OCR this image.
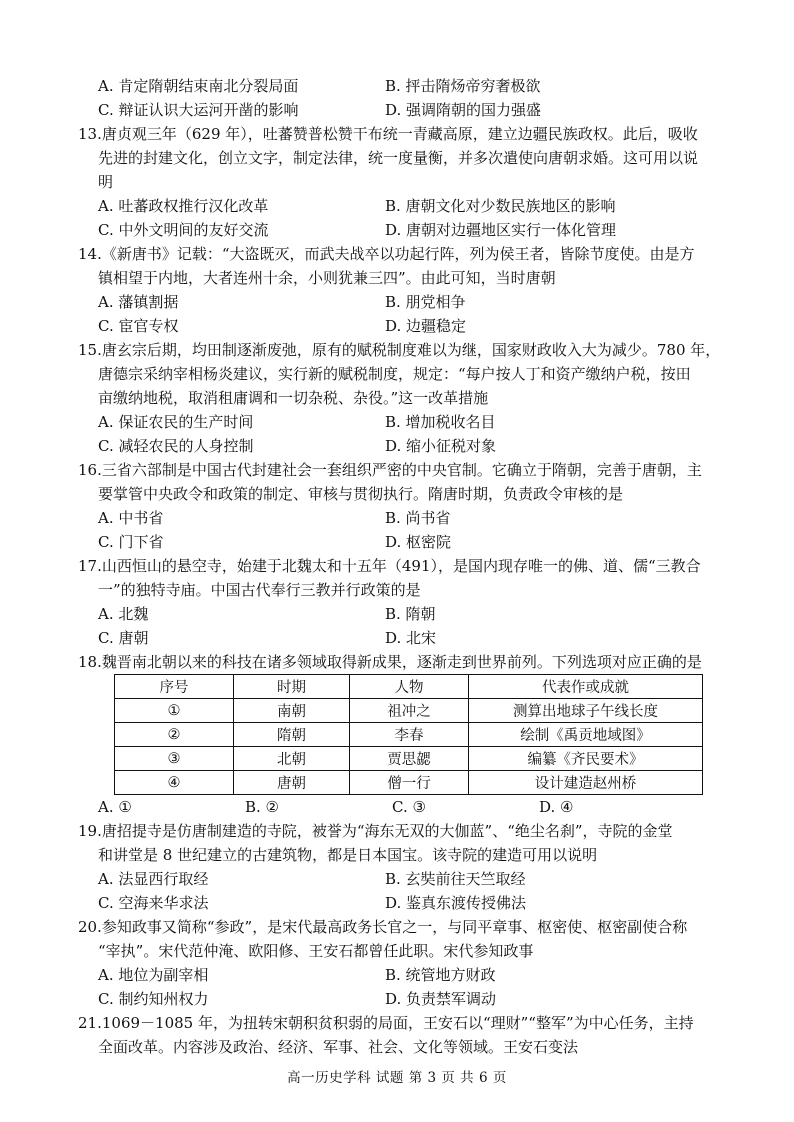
A. 肯定隋朝结束南北分裂局面	B. 抨击隋炀帝穷奢极欲
C. 辩证认识大运河开凿的影响	D. 强调隋朝的国力强盛
13.唐贞观三年（629 年），吐蕃赞普松赞干布统一青藏高原，建立边疆民族政权。此后，吸收
先进的封建文化，创立文字，制定法律，统一度量衡，并多次遣使向唐朝求婚。这可用以说
明
A. 吐蕃政权推行汉化改革	B. 唐朝文化对少数民族地区的影响
C. 中外文明间的友好交流	D. 唐朝对边疆地区实行一体化管理
14.《新唐书》记载：“大盗既灭，而武夫战卒以功起行阵，列为侯王者，皆除节度使。由是方
镇相望于内地，大者连州十余，小则犹兼三四”。由此可知，当时唐朝
A. 藩镇割据	B. 朋党相争
C. 宦官专权	D. 边疆稳定
15.唐玄宗后期，均田制逐渐废弛，原有的赋税制度难以为继，国家财政收入大为减少。780 年，
唐德宗采纳宰相杨炎建议，实行新的赋税制度，规定：“每户按人丁和资产缴纳户税，按田
亩缴纳地税，取消租庸调和一切杂税、杂役。”这一改革措施
A. 保证农民的生产时间	B. 增加税收名目
C. 减轻农民的人身控制	D. 缩小征税对象
16.三省六部制是中国古代封建社会一套组织严密的中央官制。它确立于隋朝，完善于唐朝，主
要掌管中央政令和政策的制定、审核与贯彻执行。隋唐时期，负责政令审核的是
A. 中书省	B. 尚书省
C. 门下省	D. 枢密院
17.山西恒山的悬空寺，始建于北魏太和十五年（491），是国内现存唯一的佛、道、儒“三教合
一”的独特寺庙。中国古代奉行三教并行政策的是
A. 北魏	B. 隋朝
C. 唐朝	D. 北宋
18.魏晋南北朝以来的科技在诸多领域取得新成果，逐渐走到世界前列。下列选项对应正确的是
序号	时期	人物	代表作或成就
①	南朝	祖冲之	测算出地球子午线长度
②	隋朝	李春	绘制《禹贡地域图》
③	北朝	贾思勰	编纂《齐民要术》
④	唐朝	僧一行	设计建造赵州桥
A. ①	B. ②	C. ③	D. ④
19.唐招提寺是仿唐制建造的寺院，被誉为“海东无双的大伽蓝”、“绝尘名刹”，寺院的金堂
和讲堂是 8 世纪建立的古建筑物，都是日本国宝。该寺院的建造可用以说明
A. 法显西行取经	B. 玄奘前往天竺取经
C. 空海来华求法	D. 鉴真东渡传授佛法
20.参知政事又简称“参政”，是宋代最高政务长官之一，与同平章事、枢密使、枢密副使合称
“宰执”。宋代范仲淹、欧阳修、王安石都曾任此职。宋代参知政事
A. 地位为副宰相	B. 统管地方财政
C. 制约知州权力	D. 负责禁军调动
21.1069－1085 年，为扭转宋朝积贫积弱的局面，王安石以“理财”“整军”为中心任务，主持
全面改革。内容涉及政治、经济、军事、社会、文化等领域。王安石变法
高一历史学科 试题 第 3 页 共 6 页
